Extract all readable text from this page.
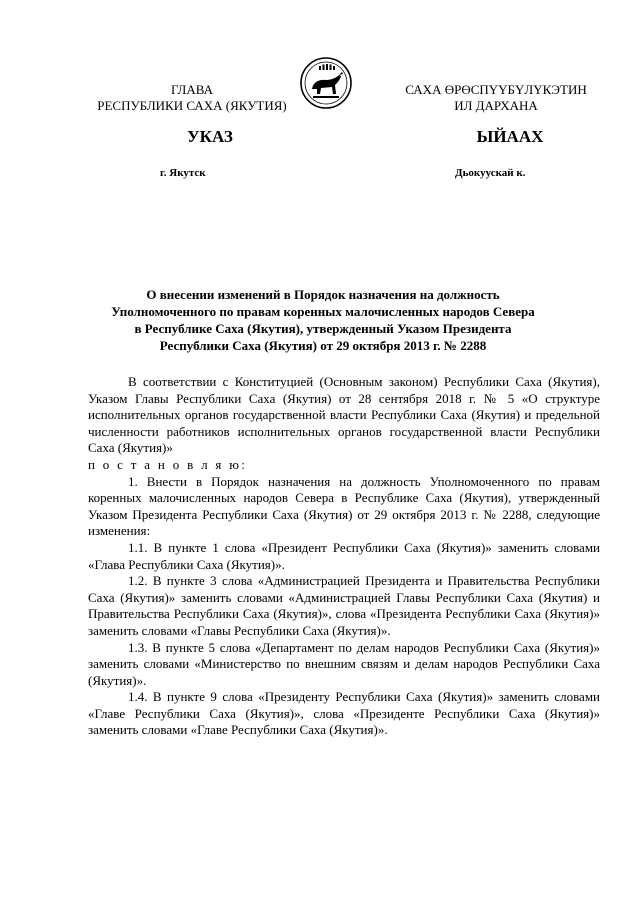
ГЛАВА
РЕСПУБЛИКИ САХА (ЯКУТИЯ)
САХА ӨРӨСПҮҮБҮЛҮКЭТИН
ИЛ ДАРХАНА
УКАЗ	ЫЙААХ
г. Якутск	Дьокуускай к.
О внесении изменений в Порядок назначения на должность
Уполномоченного по правам коренных малочисленных народов Севера
в Республике Саха (Якутия), утвержденный Указом Президента
Республики Саха (Якутия) от 29 октября 2013 г. № 2288

В соответствии с Конституцией (Основным законом) Республики Саха (Якутия), Указом Главы Республики Саха (Якутия) от 28 сентября 2018 г. № 5 «О структуре исполнительных органов государственной власти Республики Саха (Якутия) и предельной численности работников исполнительных органов государственной власти Республики Саха (Якутия)»

п о с т а н о в л я ю:

1. Внести в Порядок назначения на должность Уполномоченного по правам коренных малочисленных народов Севера в Республике Саха (Якутия), утвержденный Указом Президента Республики Саха (Якутия) от 29 октября 2013 г. № 2288, следующие изменения:

1.1. В пункте 1 слова «Президент Республики Саха (Якутия)» заменить словами «Глава Республики Саха (Якутия)».

1.2. В пункте 3 слова «Администрацией Президента и Правительства Республики Саха (Якутия)» заменить словами «Администрацией Главы Республики Саха (Якутия) и Правительства Республики Саха (Якутия)», слова «Президента Республики Саха (Якутия)» заменить словами «Главы Республики Саха (Якутия)».

1.3. В пункте 5 слова «Департамент по делам народов Республики Саха (Якутия)» заменить словами «Министерство по внешним связям и делам народов Республики Саха (Якутия)».

1.4. В пункте 9 слова «Президенту Республики Саха (Якутия)» заменить словами «Главе Республики Саха (Якутия)», слова «Президенте Республики Саха (Якутия)» заменить словами «Главе Республики Саха (Якутия)».
